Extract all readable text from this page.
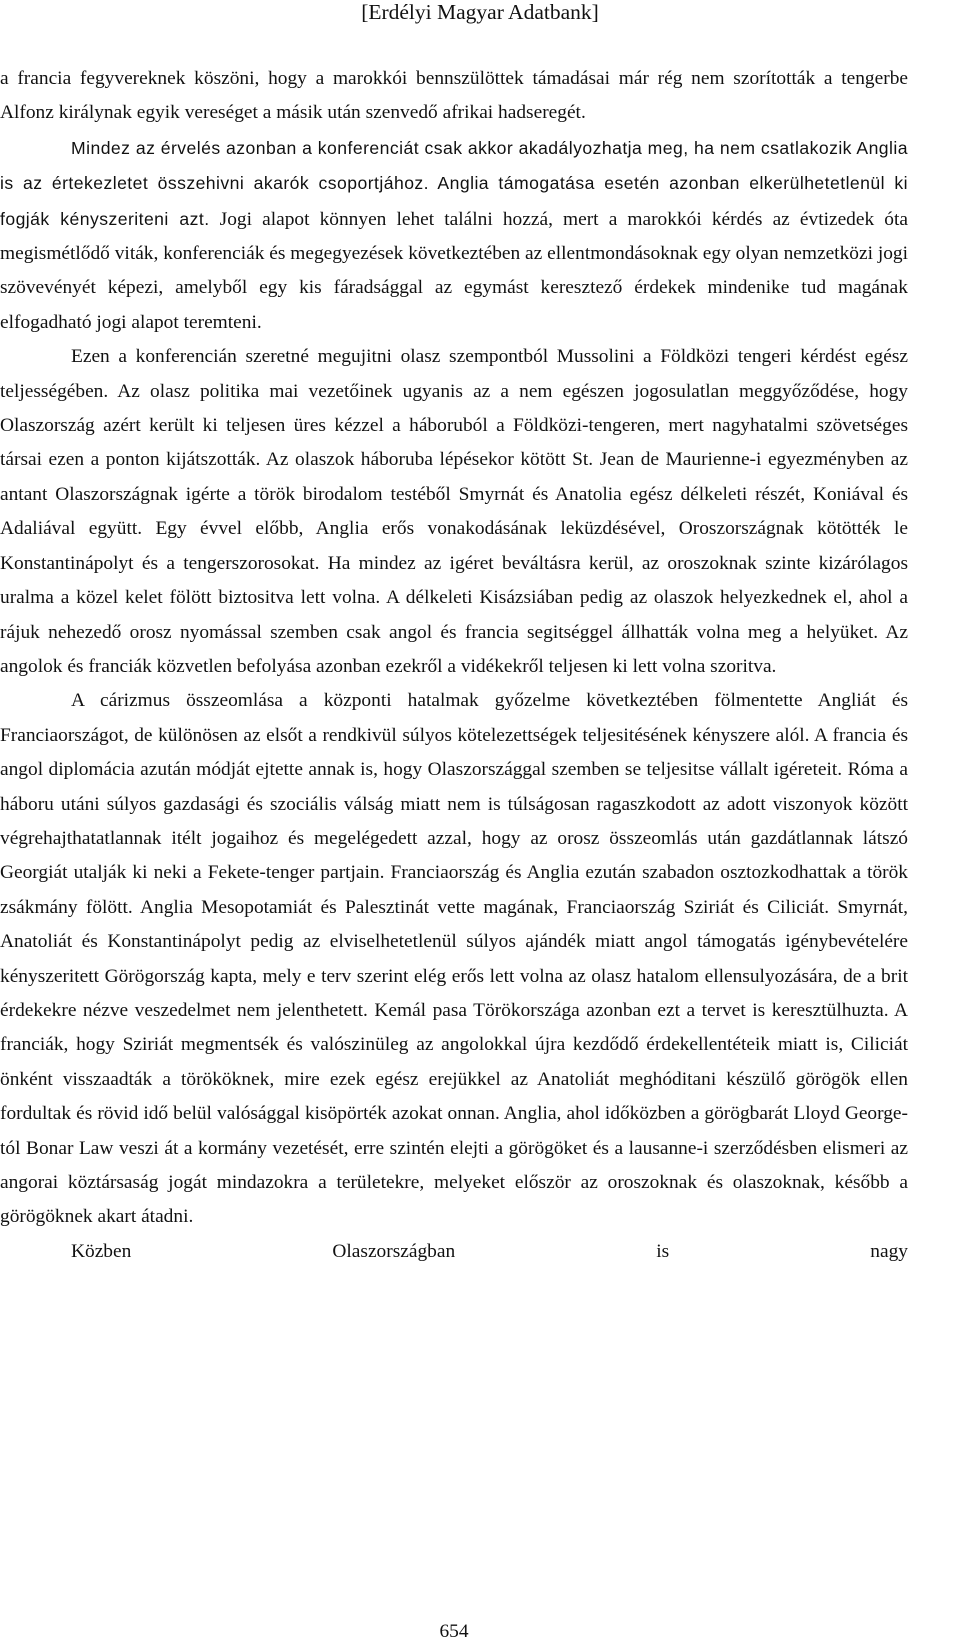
[Erdélyi Magyar Adatbank]

a francia fegyvereknek köszöni, hogy a marokkói bennszülöttek támadásai már rég nem szorították a tengerbe Alfonz királynak egyik vereséget a másik után szenvedő afrikai hadseregét.

Mindez az érvelés azonban a konferenciát csak akkor akadályozhatja meg, ha nem csatlakozik Anglia is az értekezletet összehivni akarók csoportjához. Anglia támogatása esetén azonban elkerülhetetlenül ki fogják kényszeriteni azt. Jogi alapot könnyen lehet találni hozzá, mert a marokkói kérdés az évtizedek óta megismétlődő viták, konferenciák és megegyezések következtében az ellentmondásoknak egy olyan nemzetközi jogi szövevényét képezi, amelyből egy kis fáradsággal az egymást keresztező érdekek mindenike tud magának elfogadható jogi alapot teremteni.

Ezen a konferencián szeretné megujitni olasz szempontból Mussolini a Földközi tengeri kérdést egész teljességében. Az olasz politika mai vezetőinek ugyanis az a nem egészen jogosulatlan meggyőződése, hogy Olaszország azért került ki teljesen üres kézzel a háboruból a Földközi-tengeren, mert nagyhatalmi szövetséges társai ezen a ponton kijátszották. Az olaszok háboruba lépésekor kötött St. Jean de Maurienne-i egyezményben az antant Olaszországnak igérte a török birodalom testéből Smyrnát és Anatolia egész délkeleti részét, Koniával és Adaliával együtt. Egy évvel előbb, Anglia erős vonakodásának leküzdésével, Oroszországnak kötötték le Konstantinápolyt és a tengerszorosokat. Ha mindez az igéret beváltásra kerül, az oroszoknak szinte kizárólagos uralma a közel kelet fölött biztositva lett volna. A délkeleti Kisázsiában pedig az olaszok helyezkednek el, ahol a rájuk nehezedő orosz nyomással szemben csak angol és francia segitséggel állhatták volna meg a helyüket. Az angolok és franciák közvetlen befolyása azonban ezekről a vidékekről teljesen ki lett volna szoritva.

A cárizmus összeomlása a központi hatalmak győzelme következtében fölmentette Angliát és Franciaországot, de különösen az elsőt a rendkivül súlyos kötelezettségek teljesitésének kényszere alól. A francia és angol diplomácia azután módját ejtette annak is, hogy Olaszországgal szemben se teljesitse vállalt igéreteit. Róma a háboru utáni súlyos gazdasági és szociális válság miatt nem is túlságosan ragaszkodott az adott viszonyok között végrehajthatatlannak itélt jogaihoz és megelégedett azzal, hogy az orosz összeomlás után gazdátlannak látszó Georgiát utalják ki neki a Fekete-tenger partjain. Franciaország és Anglia ezután szabadon osztozkodhattak a török zsákmány fölött. Anglia Mesopotamiát és Palesztinát vette magának, Franciaország Sziriát és Ciliciát. Smyrnát, Anatoliát és Konstantinápolyt pedig az elviselhetetlenül súlyos ajándék miatt angol támogatás igénybevételére kényszeritett Görögország kapta, mely e terv szerint elég erős lett volna az olasz hatalom ellensulyozására, de a brit érdekekre nézve veszedelmet nem jelenthetett. Kemál pasa Törökországa azonban ezt a tervet is keresztülhuzta. A franciák, hogy Sziriát megmentsék és valószinüleg az angolokkal újra kezdődő érdekellentéteik miatt is, Ciliciát önként visszaadták a törököknek, mire ezek egész erejükkel az Anatoliát meghóditani készülő görögök ellen fordultak és rövid idő belül valósággal kisöpörték azokat onnan. Anglia, ahol időközben a görögbarát Lloyd George-tól Bonar Law veszi át a kormány vezetését, erre szintén elejti a görögöket és a lausanne-i szerződésben elismeri az angorai köztársaság jogát mindazokra a területekre, melyeket először az oroszoknak és olaszoknak, később a görögöknek akart átadni.

Közben Olaszországban is nagy

654
